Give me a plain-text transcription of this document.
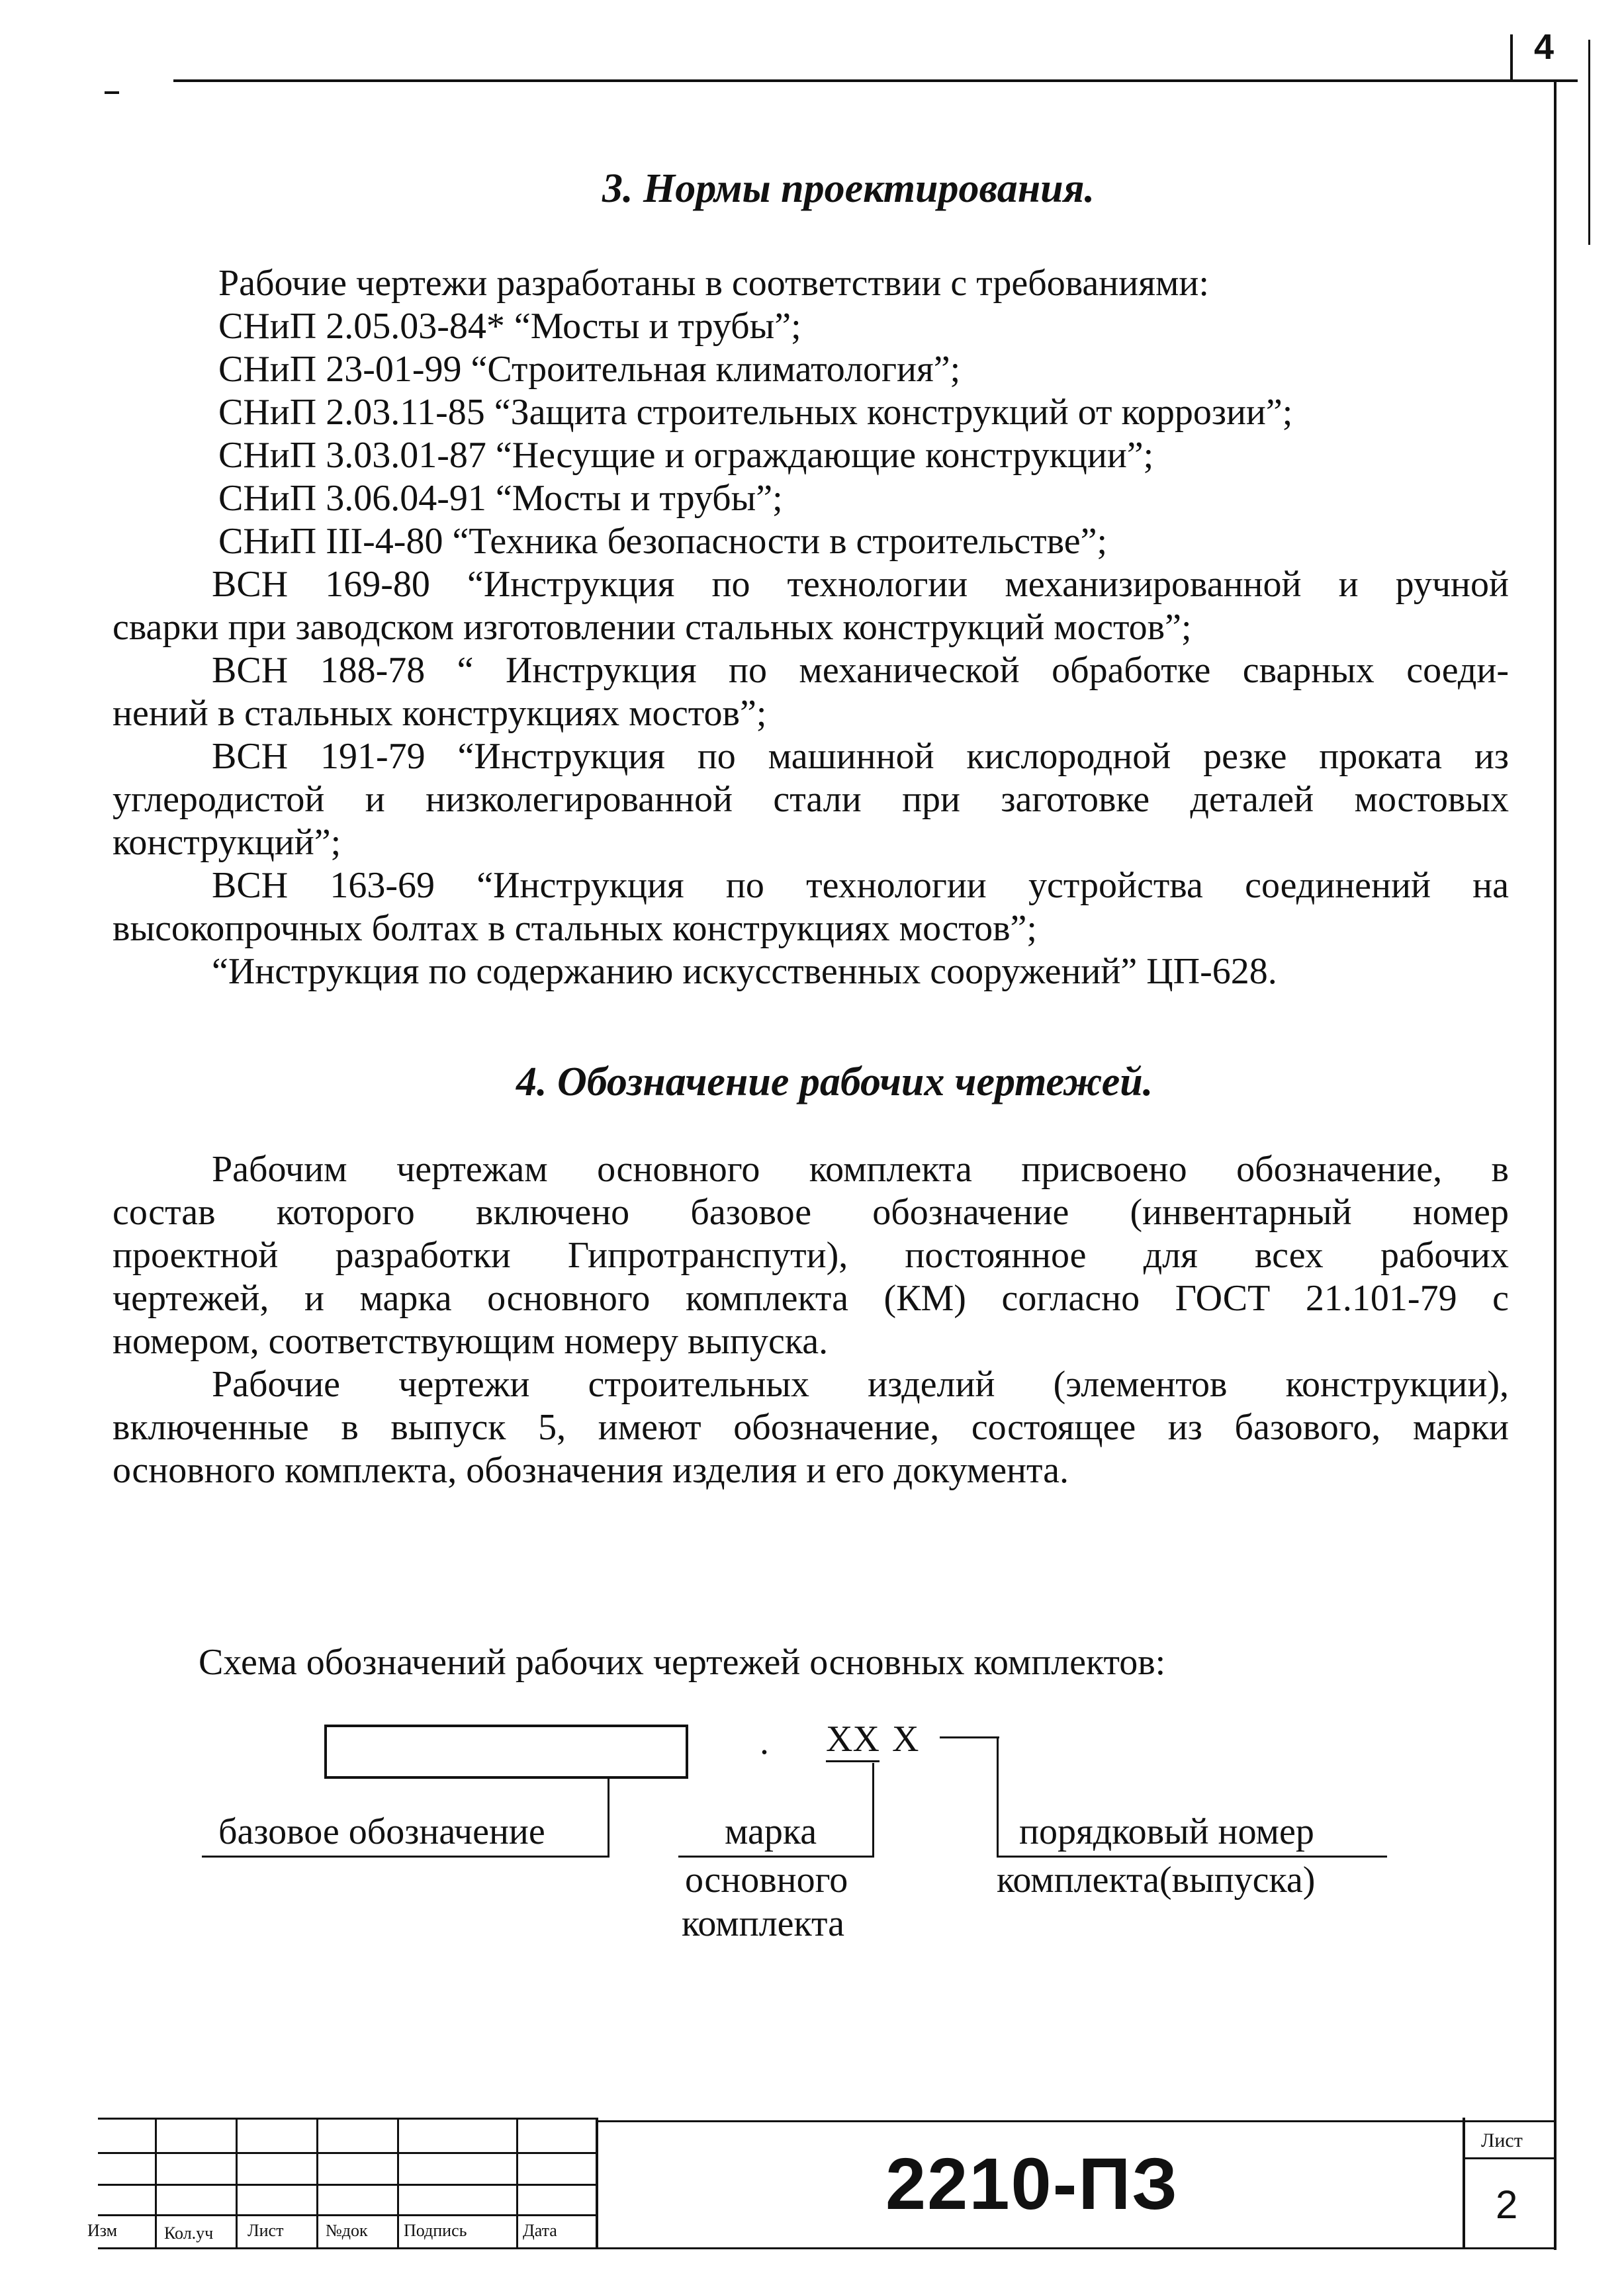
4
3. Нормы проектирования.
Рабочие чертежи разработаны в соответствии с требованиями:
СНиП 2.05.03-84* “Мосты и трубы”;
СНиП 23-01-99 “Строительная климатология”;
СНиП 2.03.11-85 “Защита строительных конструкций от коррозии”;
СНиП 3.03.01-87 “Несущие и ограждающие конструкции”;
СНиП 3.06.04-91 “Мосты и трубы”;
СНиП III-4-80 “Техника безопасности в строительстве”;
ВСН 169-80 “Инструкция по технологии механизированной и ручной
сварки при заводском изготовлении стальных конструкций мостов”;
ВСН 188-78 “ Инструкция по механической обработке сварных соеди-
нений в стальных конструкциях мостов”;
ВСН 191-79 “Инструкция по машинной кислородной резке проката из
углеродистой и низколегированной стали при заготовке деталей мостовых
конструкций”;
ВСН 163-69 “Инструкция по технологии устройства соединений на
высокопрочных болтах в стальных конструкциях мостов”;
“Инструкция по содержанию искусственных сооружений” ЦП-628.
4. Обозначение рабочих чертежей.
Рабочим чертежам основного комплекта присвоено обозначение, в
состав которого включено базовое обозначение (инвентарный номер
проектной разработки Гипротранспути), постоянное для всех рабочих
чертежей, и марка основного комплекта (КМ) согласно ГОСТ 21.101-79 с
номером, соответствующим номеру выпуска.
Рабочие чертежи строительных изделий (элементов конструкции),
включенные в выпуск 5, имеют обозначение, состоящее из базового, марки
основного комплекта, обозначения изделия и его документа.
Схема обозначений рабочих чертежей основных комплектов:
. XX X
базовое обозначение	марка
основного
комплекта
порядковый номер
комплекта(выпуска)
Изм	Кол.уч Лист №док Подпись	Дата
2210-ПЗ
Лист
2
